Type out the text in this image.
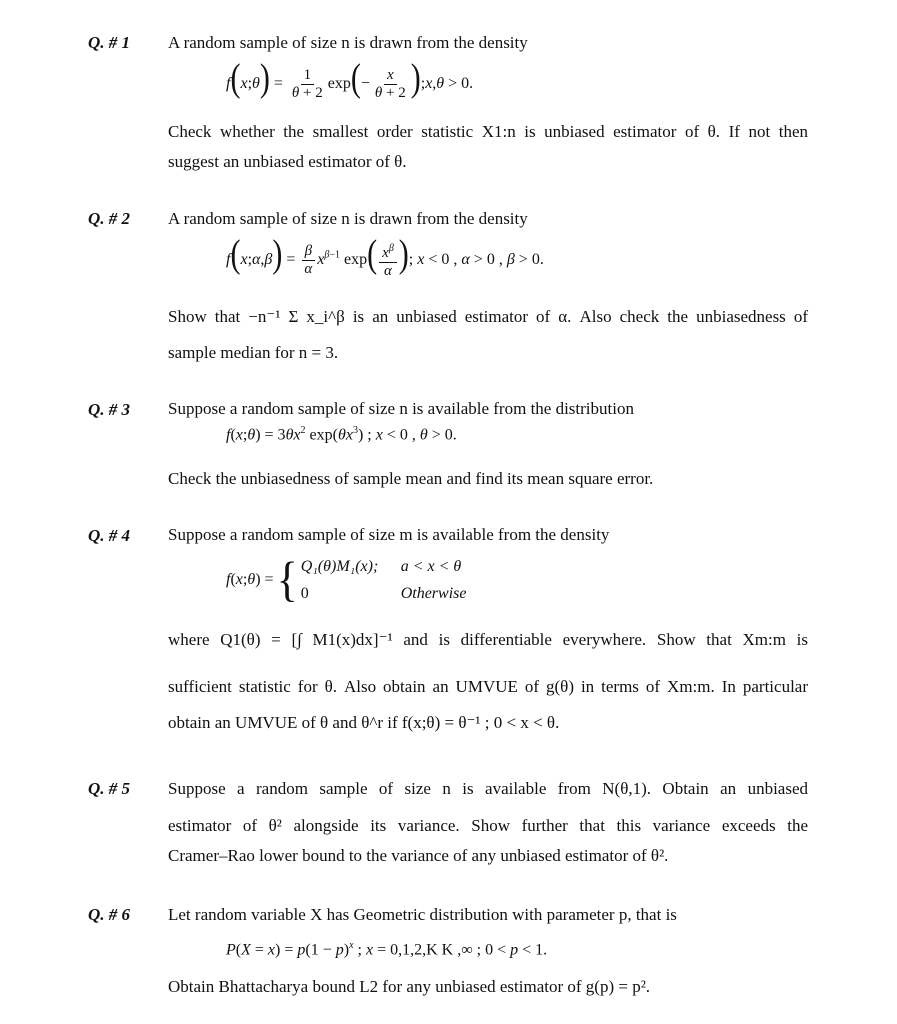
Q. # 1 A random sample of size n is drawn from the density
f(x;θ) = $\frac{1}{\theta + 2} \exp(- \frac{x}{\theta + 2}$ );x,θ > 0.
Check whether the smallest order statistic X1:n is unbiased estimator of θ. If not then
suggest an unbiased estimator of θ.
Q. # 2 A random sample of size n is drawn from the density
f(x;α,β) = $\frac{\beta}{\alpha} x^{\beta-1}$ $\exp( \frac{x^\beta}{\alpha}$ ); x < 0 , α > 0 , β > 0.
Show that −n⁻¹ Σ x_i^β is an unbiased estimator of α. Also check the unbiasedness of
sample median for n = 3.
Q. # 3 Suppose a random sample of size n is available from the distribution
f(x;θ) = $3\theta x^2$ $\exp(\theta x^3)$ ; x < 0 , θ > 0.
Check the unbiasedness of sample mean and find its mean square error.
Q. # 4 Suppose a random sample of size m is available from the density
f(x;θ) = { Q₁(θ)M₁(x);	a < x < θ
0	Otherwise
where Q1(θ) = [∫ M1(x)dx]⁻¹ and is differentiable everywhere. Show that Xm:m is
sufficient statistic for θ. Also obtain an UMVUE of g(θ) in terms of Xm:m. In particular
obtain an UMVUE of θ and θ^r if f(x;θ) = θ⁻¹ ; 0 < x < θ.
Q. # 5 Suppose a random sample of size n is available from N(θ,1). Obtain an unbiased
estimator of θ² alongside its variance. Show further that this variance exceeds the
Cramer–Rao lower bound to the variance of any unbiased estimator of θ².
Q. # 6 Let random variable X has Geometric distribution with parameter p, that is
$P(X = x) = p(1 - p)^x$ ; x = 0,1,2,K K ,∞ ; 0 < p < 1.
Obtain Bhattacharya bound L2 for any unbiased estimator of g(p) = p².
